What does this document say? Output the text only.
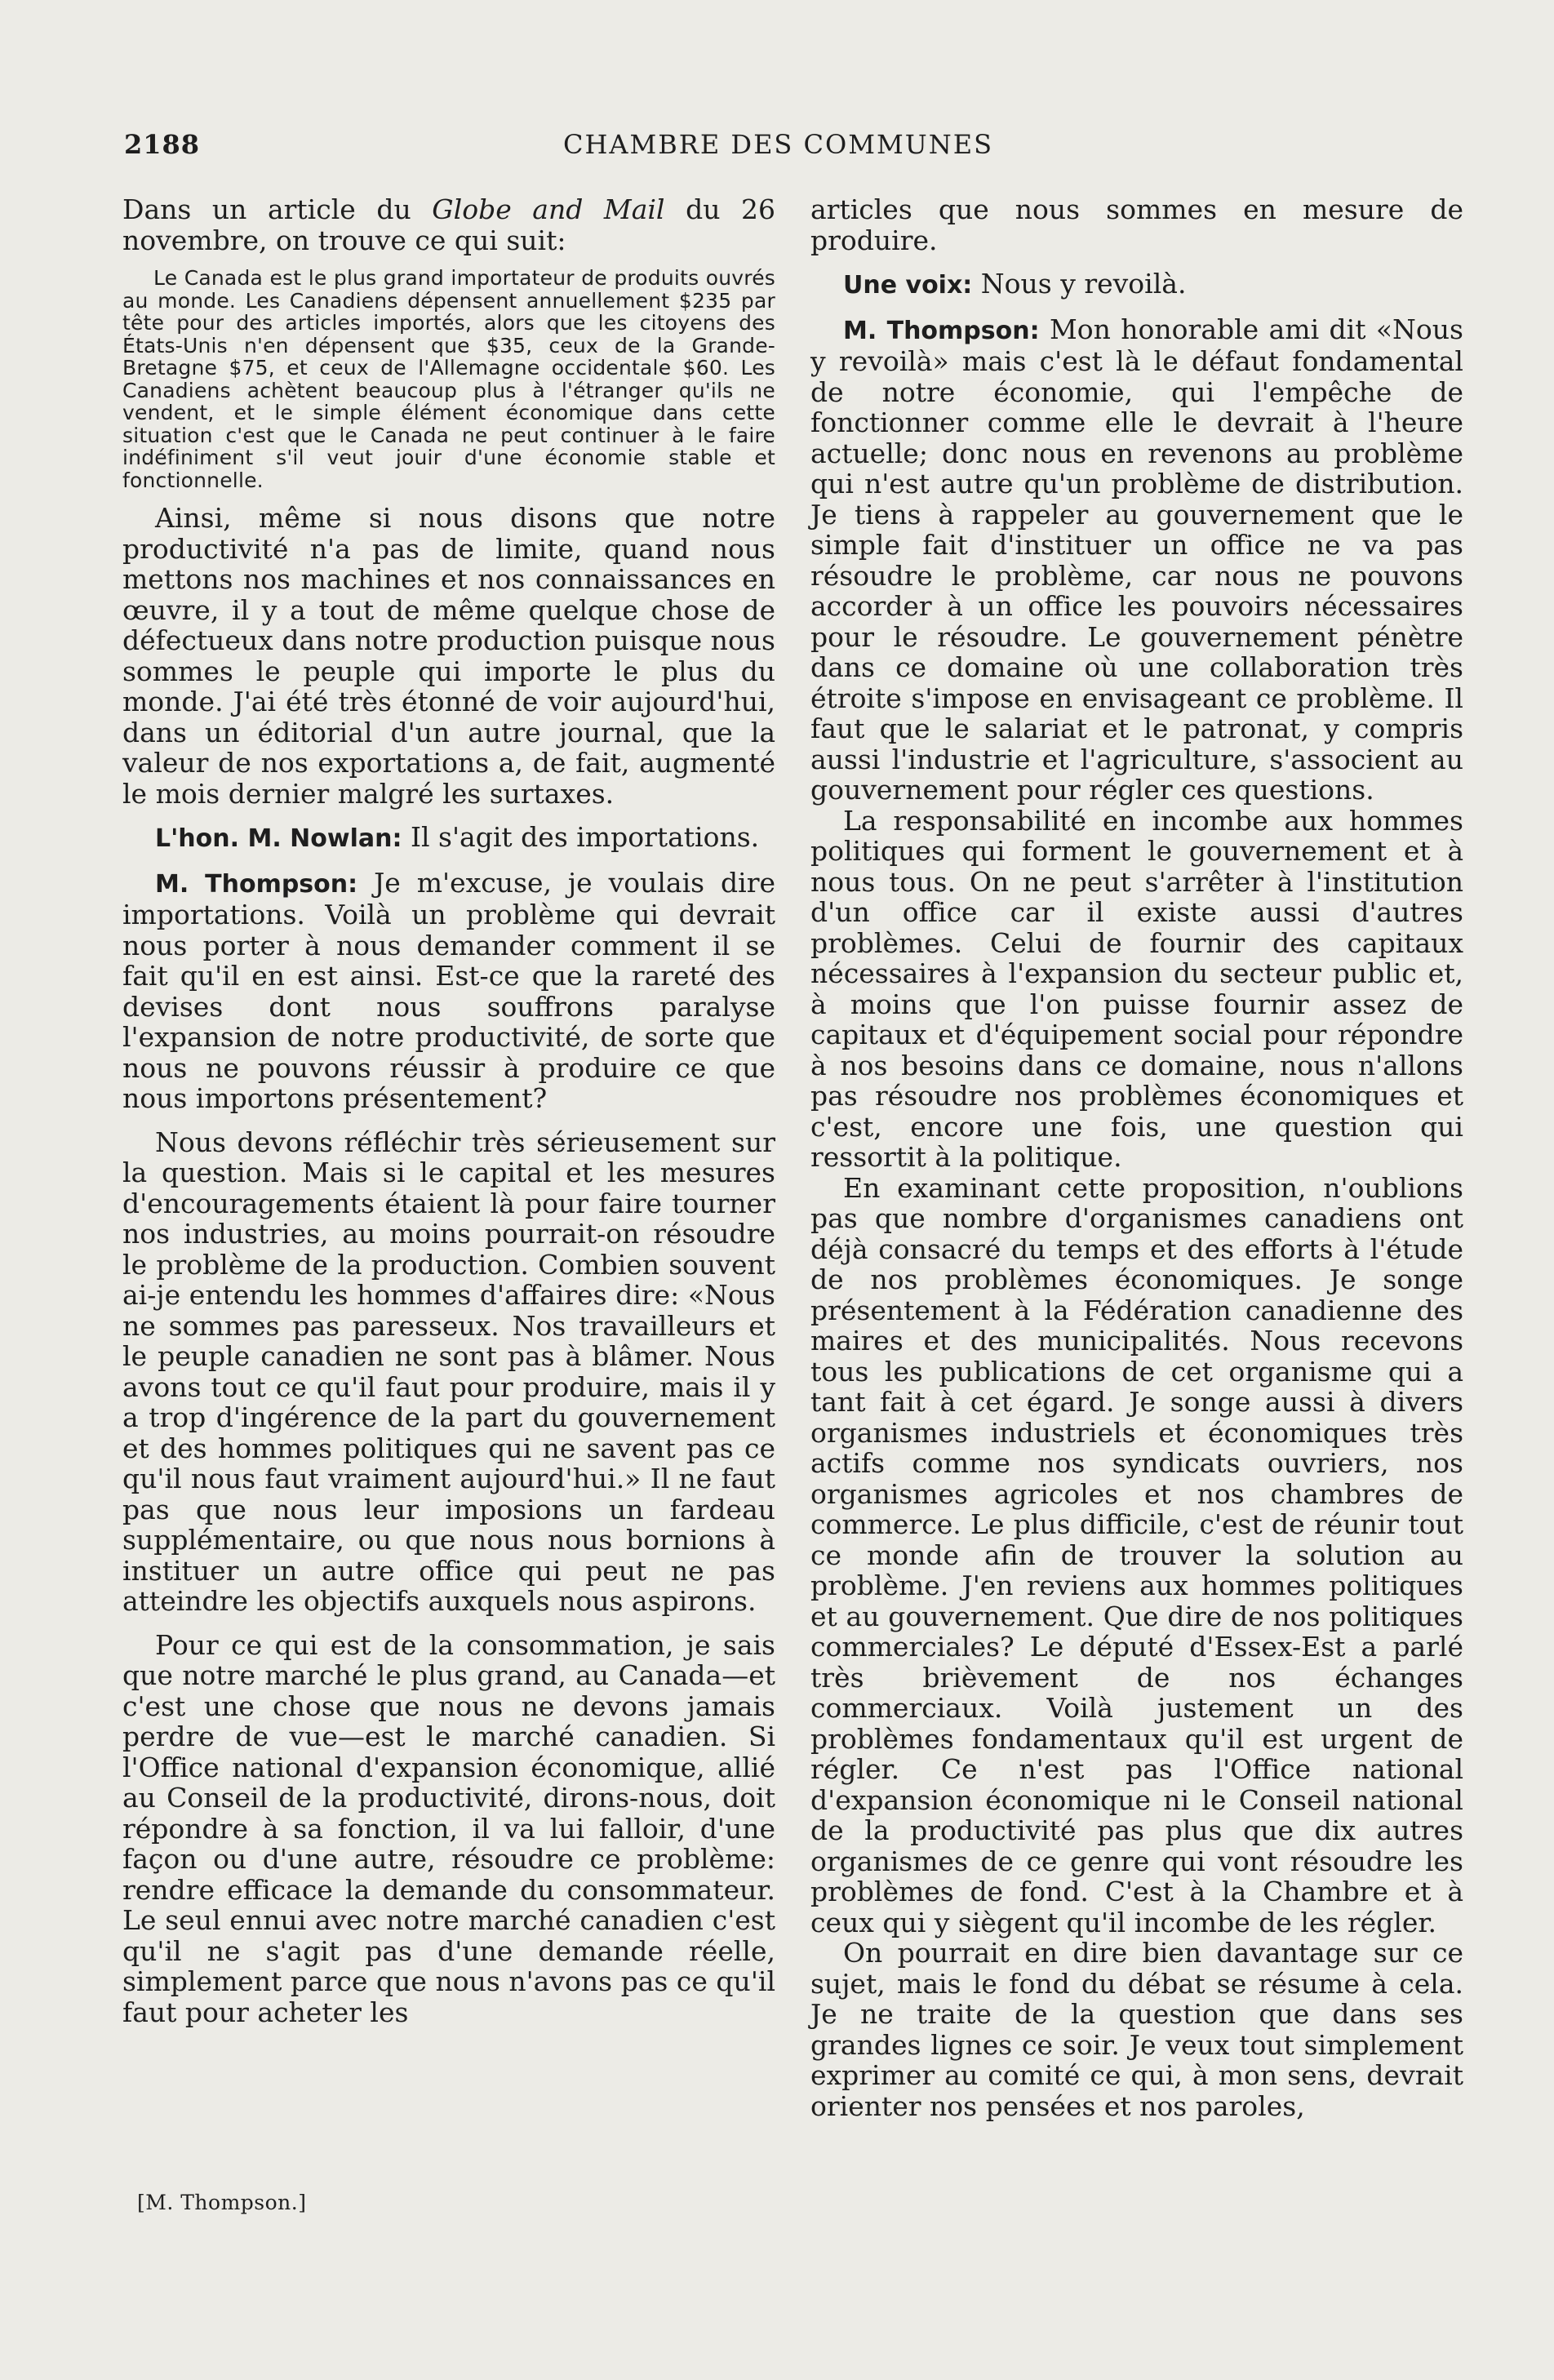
2188	CHAMBRE DES COMMUNES

Dans un article du Globe and Mail du 26 novembre, on trouve ce qui suit:

Le Canada est le plus grand importateur de produits ouvrés au monde. Les Canadiens dépensent annuellement $235 par tête pour des articles importés, alors que les citoyens des États-Unis n'en dépensent que $35, ceux de la Grande-Bretagne $75, et ceux de l'Allemagne occidentale $60. Les Canadiens achètent beaucoup plus à l'étranger qu'ils ne vendent, et le simple élément économique dans cette situation c'est que le Canada ne peut continuer à le faire indéfiniment s'il veut jouir d'une économie stable et fonctionnelle.

Ainsi, même si nous disons que notre productivité n'a pas de limite, quand nous mettons nos machines et nos connaissances en œuvre, il y a tout de même quelque chose de défectueux dans notre production puisque nous sommes le peuple qui importe le plus du monde. J'ai été très étonné de voir aujourd'hui, dans un éditorial d'un autre journal, que la valeur de nos exportations a, de fait, augmenté le mois dernier malgré les surtaxes.

L'hon. M. Nowlan: Il s'agit des importations.

M. Thompson: Je m'excuse, je voulais dire importations. Voilà un problème qui devrait nous porter à nous demander comment il se fait qu'il en est ainsi. Est-ce que la rareté des devises dont nous souffrons paralyse l'expansion de notre productivité, de sorte que nous ne pouvons réussir à produire ce que nous importons présentement?

Nous devons réfléchir très sérieusement sur la question. Mais si le capital et les mesures d'encouragements étaient là pour faire tourner nos industries, au moins pourrait-on résoudre le problème de la production. Combien souvent ai-je entendu les hommes d'affaires dire: «Nous ne sommes pas paresseux. Nos travailleurs et le peuple canadien ne sont pas à blâmer. Nous avons tout ce qu'il faut pour produire, mais il y a trop d'ingérence de la part du gouvernement et des hommes politiques qui ne savent pas ce qu'il nous faut vraiment aujourd'hui.» Il ne faut pas que nous leur imposions un fardeau supplémentaire, ou que nous nous bornions à instituer un autre office qui peut ne pas atteindre les objectifs auxquels nous aspirons.

Pour ce qui est de la consommation, je sais que notre marché le plus grand, au Canada—et c'est une chose que nous ne devons jamais perdre de vue—est le marché canadien. Si l'Office national d'expansion économique, allié au Conseil de la productivité, dirons-nous, doit répondre à sa fonction, il va lui falloir, d'une façon ou d'une autre, résoudre ce problème: rendre efficace la demande du consommateur. Le seul ennui avec notre marché canadien c'est qu'il ne s'agit pas d'une demande réelle, simplement parce que nous n'avons pas ce qu'il faut pour acheter les

articles que nous sommes en mesure de produire.

Une voix: Nous y revoilà.

M. Thompson: Mon honorable ami dit «Nous y revoilà» mais c'est là le défaut fondamental de notre économie, qui l'empêche de fonctionner comme elle le devrait à l'heure actuelle; donc nous en revenons au problème qui n'est autre qu'un problème de distribution. Je tiens à rappeler au gouvernement que le simple fait d'instituer un office ne va pas résoudre le problème, car nous ne pouvons accorder à un office les pouvoirs nécessaires pour le résoudre. Le gouvernement pénètre dans ce domaine où une collaboration très étroite s'impose en envisageant ce problème. Il faut que le salariat et le patronat, y compris aussi l'industrie et l'agriculture, s'associent au gouvernement pour régler ces questions.

La responsabilité en incombe aux hommes politiques qui forment le gouvernement et à nous tous. On ne peut s'arrêter à l'institution d'un office car il existe aussi d'autres problèmes. Celui de fournir des capitaux nécessaires à l'expansion du secteur public et, à moins que l'on puisse fournir assez de capitaux et d'équipement social pour répondre à nos besoins dans ce domaine, nous n'allons pas résoudre nos problèmes économiques et c'est, encore une fois, une question qui ressortit à la politique.

En examinant cette proposition, n'oublions pas que nombre d'organismes canadiens ont déjà consacré du temps et des efforts à l'étude de nos problèmes économiques. Je songe présentement à la Fédération canadienne des maires et des municipalités. Nous recevons tous les publications de cet organisme qui a tant fait à cet égard. Je songe aussi à divers organismes industriels et économiques très actifs comme nos syndicats ouvriers, nos organismes agricoles et nos chambres de commerce. Le plus difficile, c'est de réunir tout ce monde afin de trouver la solution au problème. J'en reviens aux hommes politiques et au gouvernement. Que dire de nos politiques commerciales? Le député d'Essex-Est a parlé très brièvement de nos échanges commerciaux. Voilà justement un des problèmes fondamentaux qu'il est urgent de régler. Ce n'est pas l'Office national d'expansion économique ni le Conseil national de la productivité pas plus que dix autres organismes de ce genre qui vont résoudre les problèmes de fond. C'est à la Chambre et à ceux qui y siègent qu'il incombe de les régler.

On pourrait en dire bien davantage sur ce sujet, mais le fond du débat se résume à cela. Je ne traite de la question que dans ses grandes lignes ce soir. Je veux tout simplement exprimer au comité ce qui, à mon sens, devrait orienter nos pensées et nos paroles,

[M. Thompson.]
